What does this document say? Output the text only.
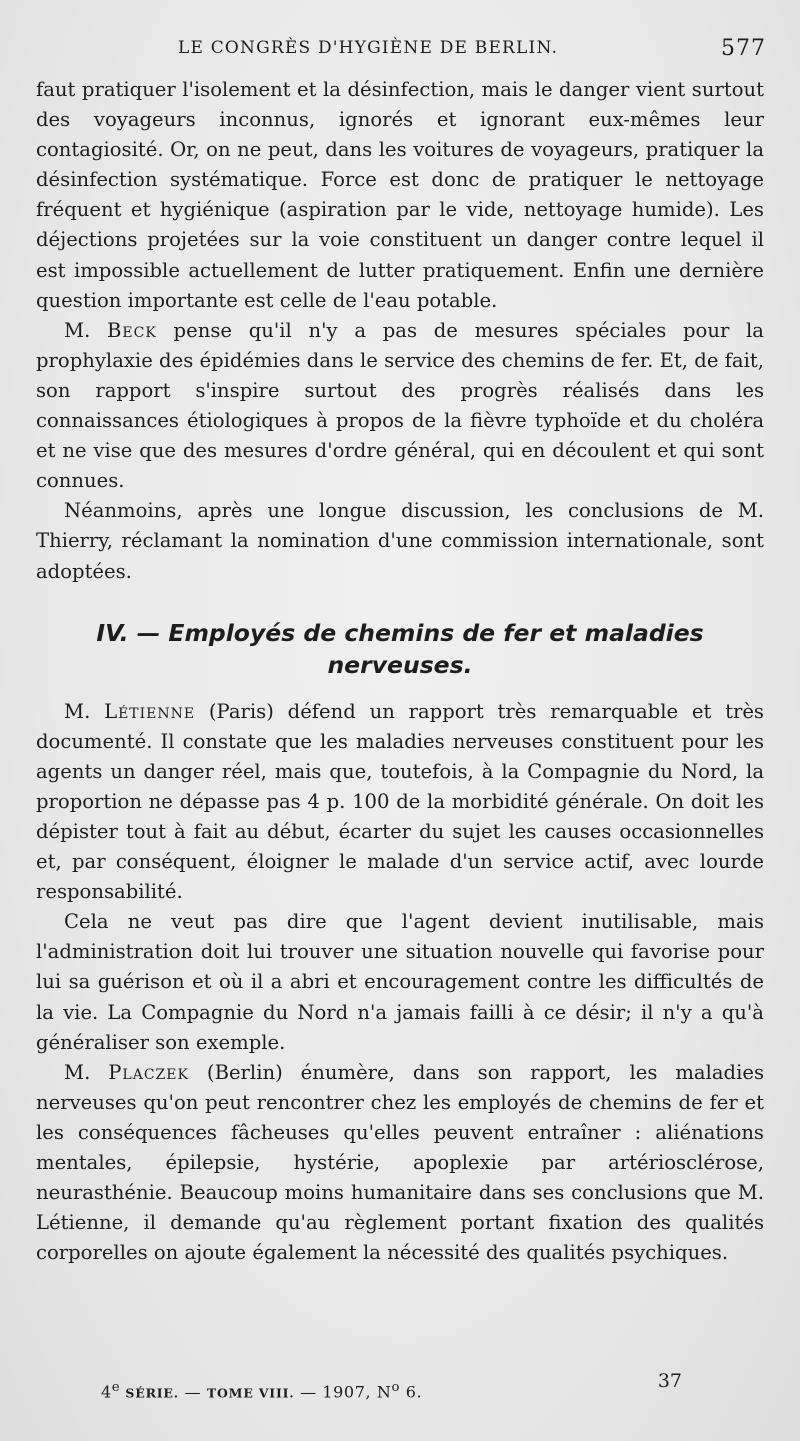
LE CONGRÈS D'HYGIÈNE DE BERLIN.	577

faut pratiquer l'isolement et la désinfection, mais le danger vient surtout des voyageurs inconnus, ignorés et ignorant eux-mêmes leur contagiosité. Or, on ne peut, dans les voitures de voyageurs, pratiquer la désinfection systématique. Force est donc de pratiquer le nettoyage fréquent et hygiénique (aspiration par le vide, nettoyage humide). Les déjections projetées sur la voie constituent un danger contre lequel il est impossible actuellement de lutter pratiquement. Enfin une dernière question importante est celle de l'eau potable.

M. Beck pense qu'il n'y a pas de mesures spéciales pour la prophylaxie des épidémies dans le service des chemins de fer. Et, de fait, son rapport s'inspire surtout des progrès réalisés dans les connaissances étiologiques à propos de la fièvre typhoïde et du choléra et ne vise que des mesures d'ordre général, qui en découlent et qui sont connues.

Néanmoins, après une longue discussion, les conclusions de M. Thierry, réclamant la nomination d'une commission internationale, sont adoptées.

IV. — Employés de chemins de fer et maladies nerveuses.

M. Létienne (Paris) défend un rapport très remarquable et très documenté. Il constate que les maladies nerveuses constituent pour les agents un danger réel, mais que, toutefois, à la Compagnie du Nord, la proportion ne dépasse pas 4 p. 100 de la morbidité générale. On doit les dépister tout à fait au début, écarter du sujet les causes occasionnelles et, par conséquent, éloigner le malade d'un service actif, avec lourde responsabilité.

Cela ne veut pas dire que l'agent devient inutilisable, mais l'administration doit lui trouver une situation nouvelle qui favorise pour lui sa guérison et où il a abri et encouragement contre les difficultés de la vie. La Compagnie du Nord n'a jamais failli à ce désir; il n'y a qu'à généraliser son exemple.

M. Placzek (Berlin) énumère, dans son rapport, les maladies nerveuses qu'on peut rencontrer chez les employés de chemins de fer et les conséquences fâcheuses qu'elles peuvent entraîner : aliénations mentales, épilepsie, hystérie, apoplexie par artériosclérose, neurasthénie. Beaucoup moins humanitaire dans ses conclusions que M. Létienne, il demande qu'au règlement portant fixation des qualités corporelles on ajoute également la nécessité des qualités psychiques.

4e SÉRIE. — TOME VIII. — 1907, $N^o$ 6.	37
